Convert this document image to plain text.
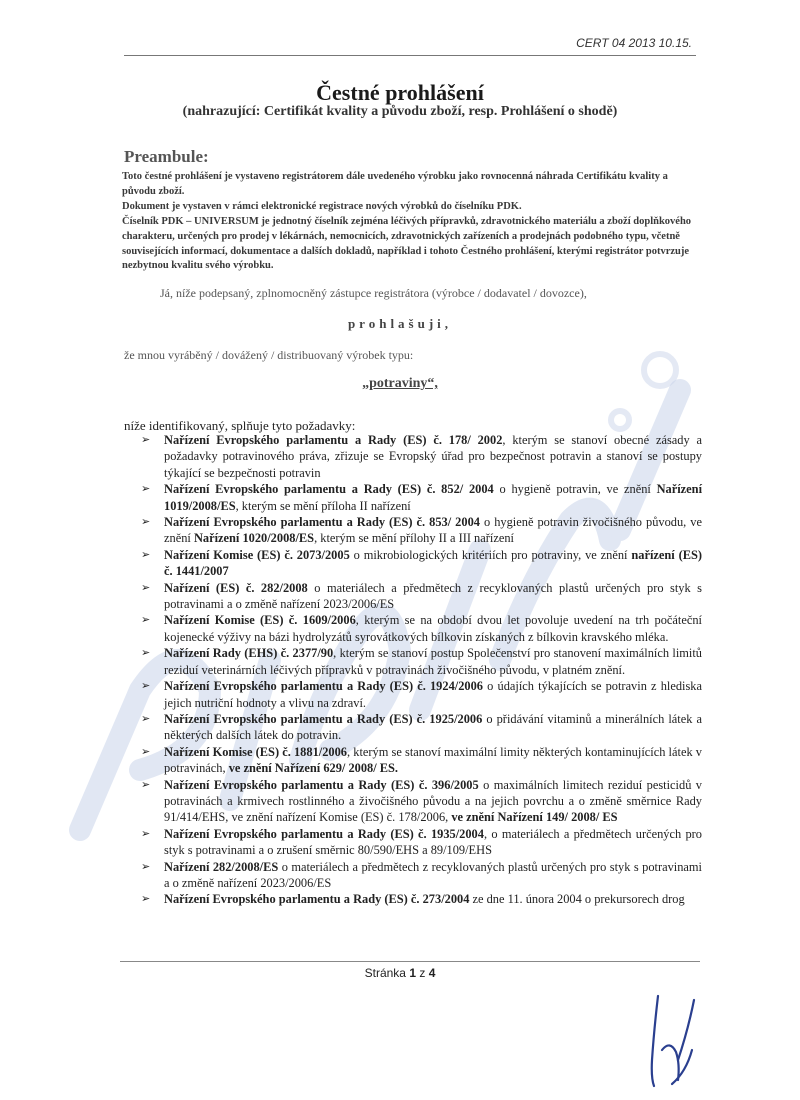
CERT 04 2013 10.15.
Čestné prohlášení
(nahrazující: Certifikát kvality a původu zboží, resp. Prohlášení o shodě)
Preambule:

Toto čestné prohlášení je vystaveno registrátorem dále uvedeného výrobku jako rovnocenná náhrada Certifikátu kvality a původu zboží.

Dokument je vystaven v rámci elektronické registrace nových výrobků do číselníku PDK.

Číselník PDK – UNIVERSUM je jednotný číselník zejména léčivých přípravků, zdravotnického materiálu a zboží doplňkového charakteru, určených pro prodej v lékárnách, nemocnicích, zdravotnických zařízeních a prodejnách podobného typu, včetně souvisejících informací, dokumentace a dalších dokladů, například i tohoto Čestného prohlášení, kterými registrátor potvrzuje nezbytnou kvalitu svého výrobku.

Já, níže podepsaný, zplnomocněný zástupce registrátora (výrobce / dodavatel / dovozce),
prohlašuji,
že mnou vyráběný / dovážený / distribuovaný výrobek typu:
„potraviny“,
níže identifikovaný, splňuje tyto požadavky:
➢ Nařízení Evropského parlamentu a Rady (ES) č. 178/ 2002, kterým se stanoví obecné zásady a požadavky potravinového práva, zřizuje se Evropský úřad pro bezpečnost potravin a stanoví se postupy týkající se bezpečnosti potravin
➢ Nařízení Evropského parlamentu a Rady (ES) č. 852/ 2004 o hygieně potravin, ve znění Nařízení 1019/2008/ES, kterým se mění příloha II nařízení
➢ Nařízení Evropského parlamentu a Rady (ES) č. 853/ 2004 o hygieně potravin živočišného původu, ve znění Nařízení 1020/2008/ES, kterým se mění přílohy II a III nařízení
➢ Nařízení Komise (ES) č. 2073/2005 o mikrobiologických kritériích pro potraviny, ve znění nařízení (ES) č. 1441/2007
➢ Nařízení (ES) č. 282/2008 o materiálech a předmětech z recyklovaných plastů určených pro styk s potravinami a o změně nařízení 2023/2006/ES
➢ Nařízení Komise (ES) č. 1609/2006, kterým se na období dvou let povoluje uvedení na trh počáteční kojenecké výživy na bázi hydrolyzátů syrovátkových bílkovin získaných z bílkovin kravského mléka.
➢ Nařízení Rady (EHS) č. 2377/90, kterým se stanoví postup Společenství pro stanovení maximálních limitů reziduí veterinárních léčivých přípravků v potravinách živočišného původu, v platném znění.
➢ Nařízení Evropského parlamentu a Rady (ES) č. 1924/2006 o údajích týkajících se potravin z hlediska jejich nutriční hodnoty a vlivu na zdraví.
➢ Nařízení Evropského parlamentu a Rady (ES) č. 1925/2006 o přidávání vitaminů a minerálních látek a některých dalších látek do potravin.
➢ Nařízení Komise (ES) č. 1881/2006, kterým se stanoví maximální limity některých kontaminujících látek v potravinách, ve znění Nařízení 629/ 2008/ ES.
➢ Nařízení Evropského parlamentu a Rady (ES) č. 396/2005 o maximálních limitech reziduí pesticidů v potravinách a krmivech rostlinného a živočišného původu a na jejich povrchu a o změně směrnice Rady 91/414/EHS, ve znění nařízení Komise (ES) č. 178/2006, ve znění Nařízení 149/ 2008/ ES
➢ Nařízení Evropského parlamentu a Rady (ES) č. 1935/2004, o materiálech a předmětech určených pro styk s potravinami a o zrušení směrnic 80/590/EHS a 89/109/EHS
➢ Nařízení 282/2008/ES o materiálech a předmětech z recyklovaných plastů určených pro styk s potravinami a o změně nařízení 2023/2006/ES
➢ Nařízení Evropského parlamentu a Rady (ES) č. 273/2004 ze dne 11. února 2004 o prekursorech drog
Stránka 1 z 4
